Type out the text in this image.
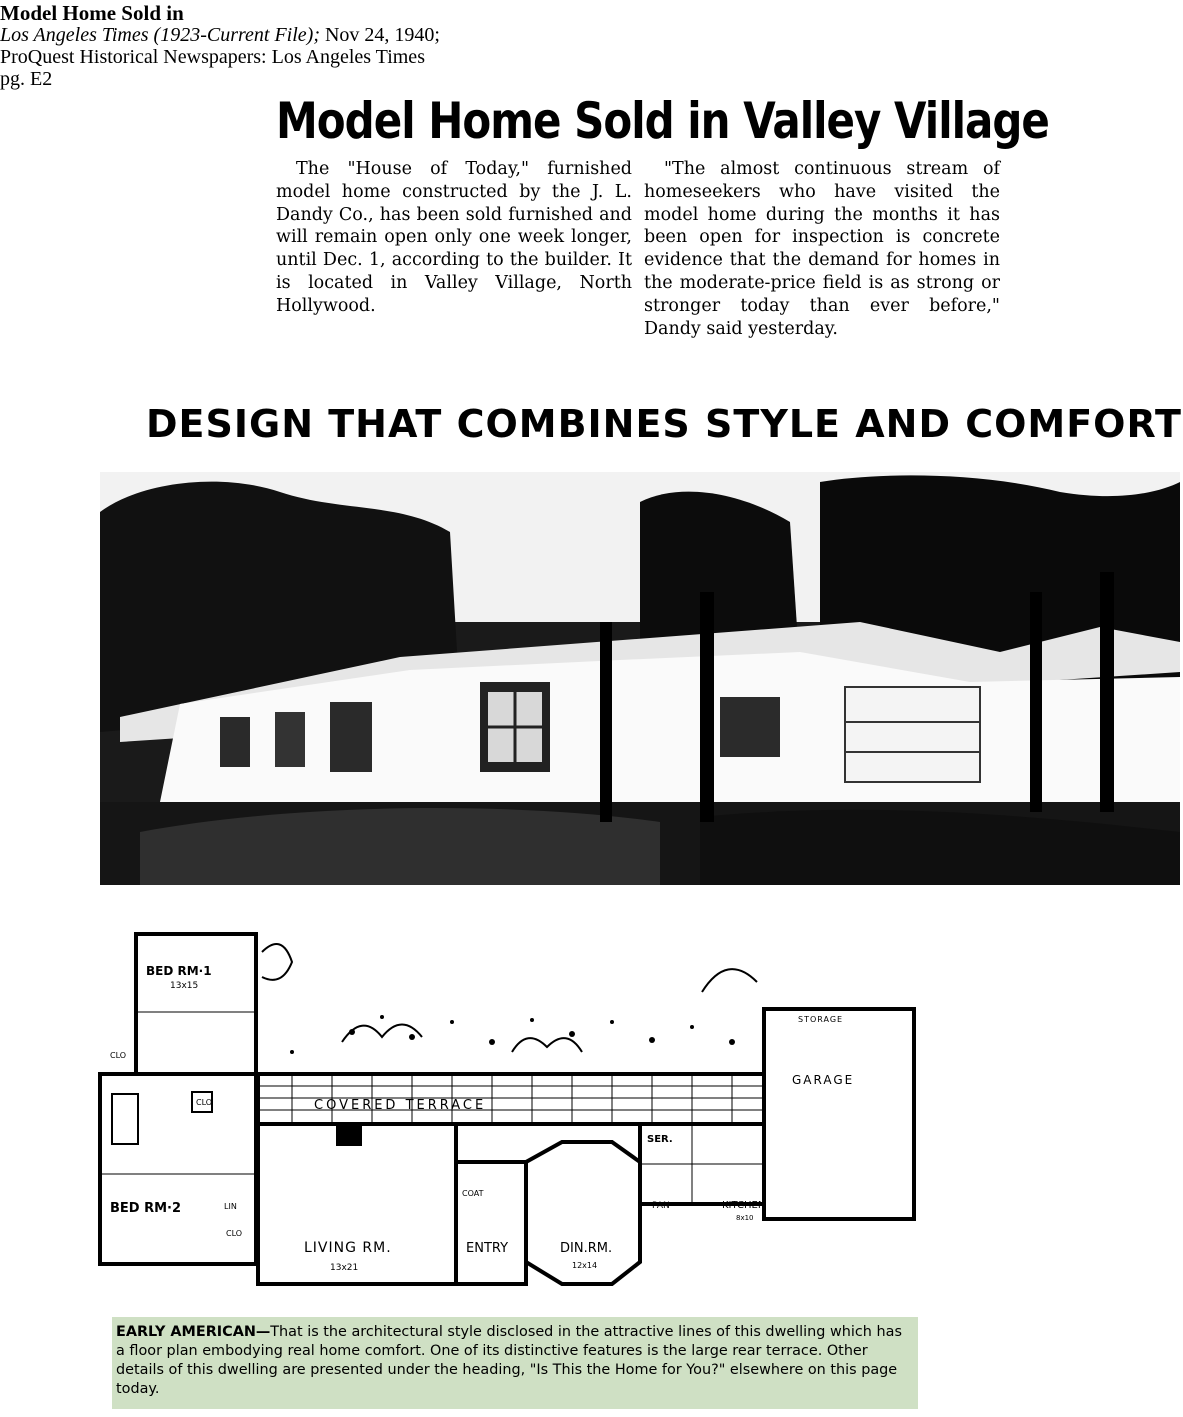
Model Home Sold in
Los Angeles Times (1923-Current File); Nov 24, 1940;
ProQuest Historical Newspapers: Los Angeles Times
pg. E2
Model Home Sold in Valley Village
The "House of Today," furnished model home constructed by the J. L. Dandy Co., has been sold furnished and will remain open only one week longer, until Dec. 1, according to the builder. It is located in Valley Village, North Hollywood.
"The almost continuous stream of homeseekers who have visited the model home during the months it has been open for inspection is concrete evidence that the demand for homes in the moderate-price field is as strong or stronger today than ever before," Dandy said yesterday.
DESIGN THAT COMBINES STYLE AND COMFORT
BED RM·1
13x15
CLO
CLO
BED RM·2	LIN
CLO
COVERED TERRACE
STORAGE
GARAGE
SER.
COAT
PAN	KITCHEN
8x10
LIVING RM.
13x21
ENTRY	DIN.RM.
12x14
EARLY AMERICAN—That is the architectural style disclosed in the attractive lines of this dwelling which has a floor plan embodying real home comfort. One of its distinctive features is the large rear terrace. Other details of this dwelling are presented under the heading, "Is This the Home for You?" elsewhere on this page today.
